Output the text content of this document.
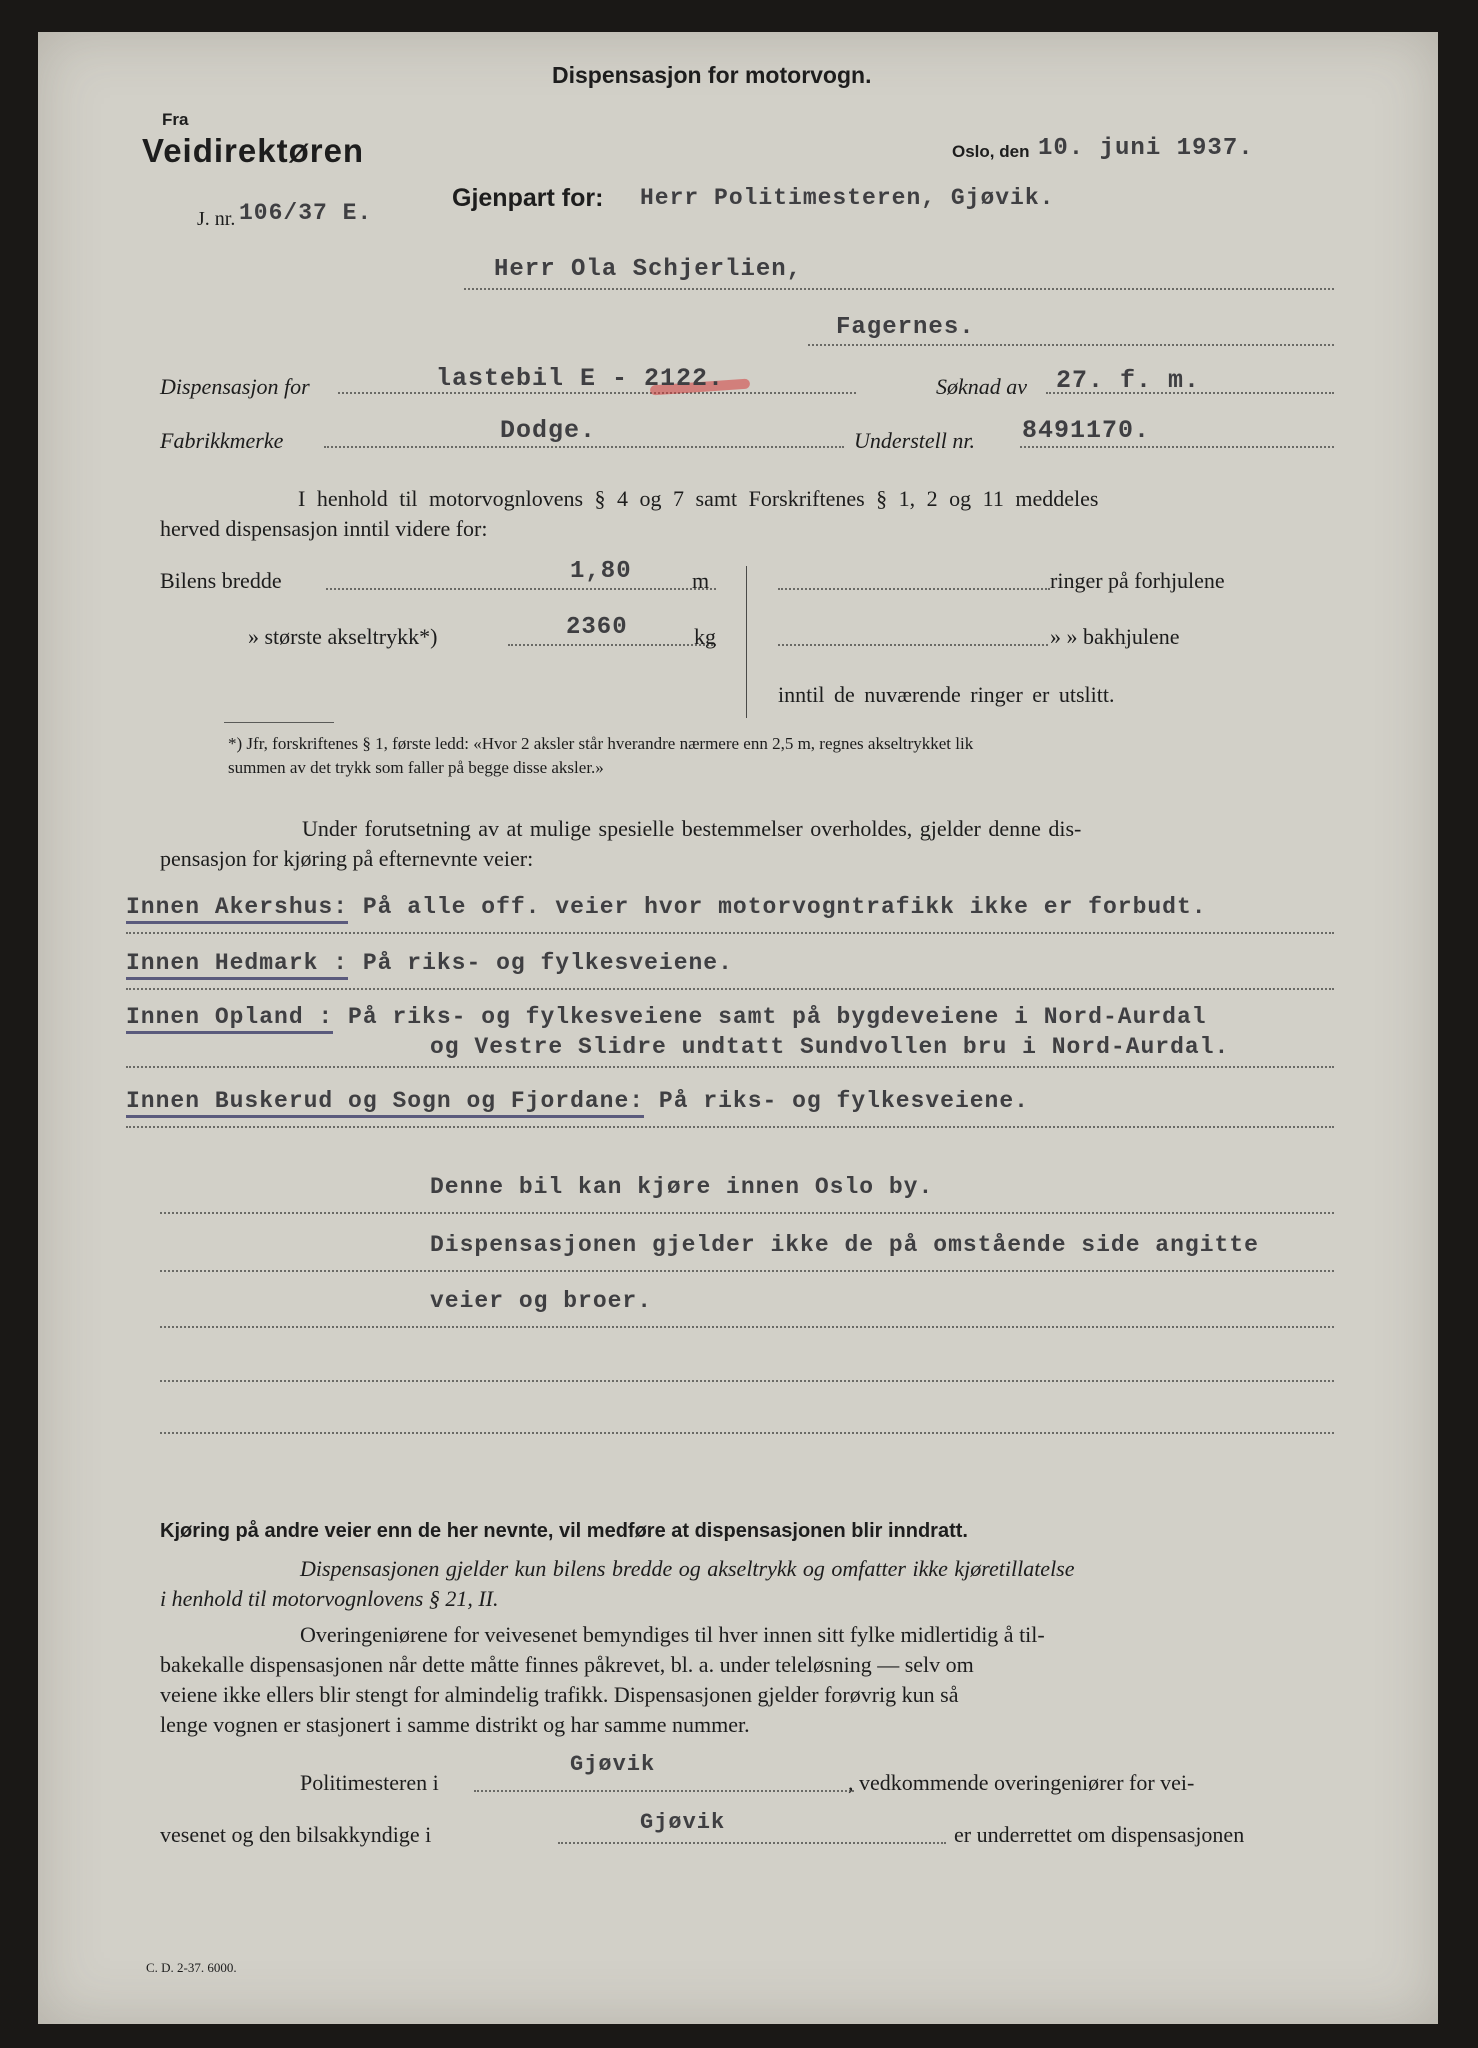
Dispensasjon for motorvogn.
Fra
Veidirektøren	Oslo, den 10. juni 1937.
J. nr. 106/37 E.
Gjenpart for: Herr Politimesteren, Gjøvik.
Herr Ola Schjerlien,
Fagernes.
Dispensasjon for	lastebil E - 2122.	Søknad av 27. f. m.
Fabrikkmerke	Dodge.	Understell nr. 8491170.
I henhold til motorvognlovens § 4 og 7 samt Forskriftenes § 1, 2 og 11 meddeles
herved dispensasjon inntil videre for:
Bilens bredde	1,80	m
» største akseltrykk*)	2360	kg
ringer på forhjulene
» » bakhjulene
inntil de nuværende ringer er utslitt.
*) Jfr, forskriftenes § 1, første ledd: «Hvor 2 aksler står hverandre nærmere enn 2,5 m, regnes akseltrykket lik
summen av det trykk som faller på begge disse aksler.»
Under forutsetning av at mulige spesielle bestemmelser overholdes, gjelder denne dis-
pensasjon for kjøring på efternevnte veier:
Innen Akershus: På alle off. veier hvor motorvogntrafikk ikke er forbudt.
Innen Hedmark : På riks- og fylkesveiene.
Innen Opland : På riks- og fylkesveiene samt på bygdeveiene i Nord-Aurdal
og Vestre Slidre undtatt Sundvollen bru i Nord-Aurdal.
Innen Buskerud og Sogn og Fjordane: På riks- og fylkesveiene.
Denne bil kan kjøre innen Oslo by.
Dispensasjonen gjelder ikke de på omstående side angitte
veier og broer.
Kjøring på andre veier enn de her nevnte, vil medføre at dispensasjonen blir inndratt.
Dispensasjonen gjelder kun bilens bredde og akseltrykk og omfatter ikke kjøretillatelse
i henhold til motorvognlovens § 21, II.
Overingeniørene for veivesenet bemyndiges til hver innen sitt fylke midlertidig å til-
bakekalle dispensasjonen når dette måtte finnes påkrevet, bl. a. under teleløsning — selv om
veiene ikke ellers blir stengt for almindelig trafikk. Dispensasjonen gjelder forøvrig kun så
lenge vognen er stasjonert i samme distrikt og har samme nummer.
Politimesteren i
Gjøvik
, vedkommende overingeniører for vei-
vesenet og den bilsakkyndige i	Gjøvik	er underrettet om dispensasjonen
C. D. 2-37. 6000.
